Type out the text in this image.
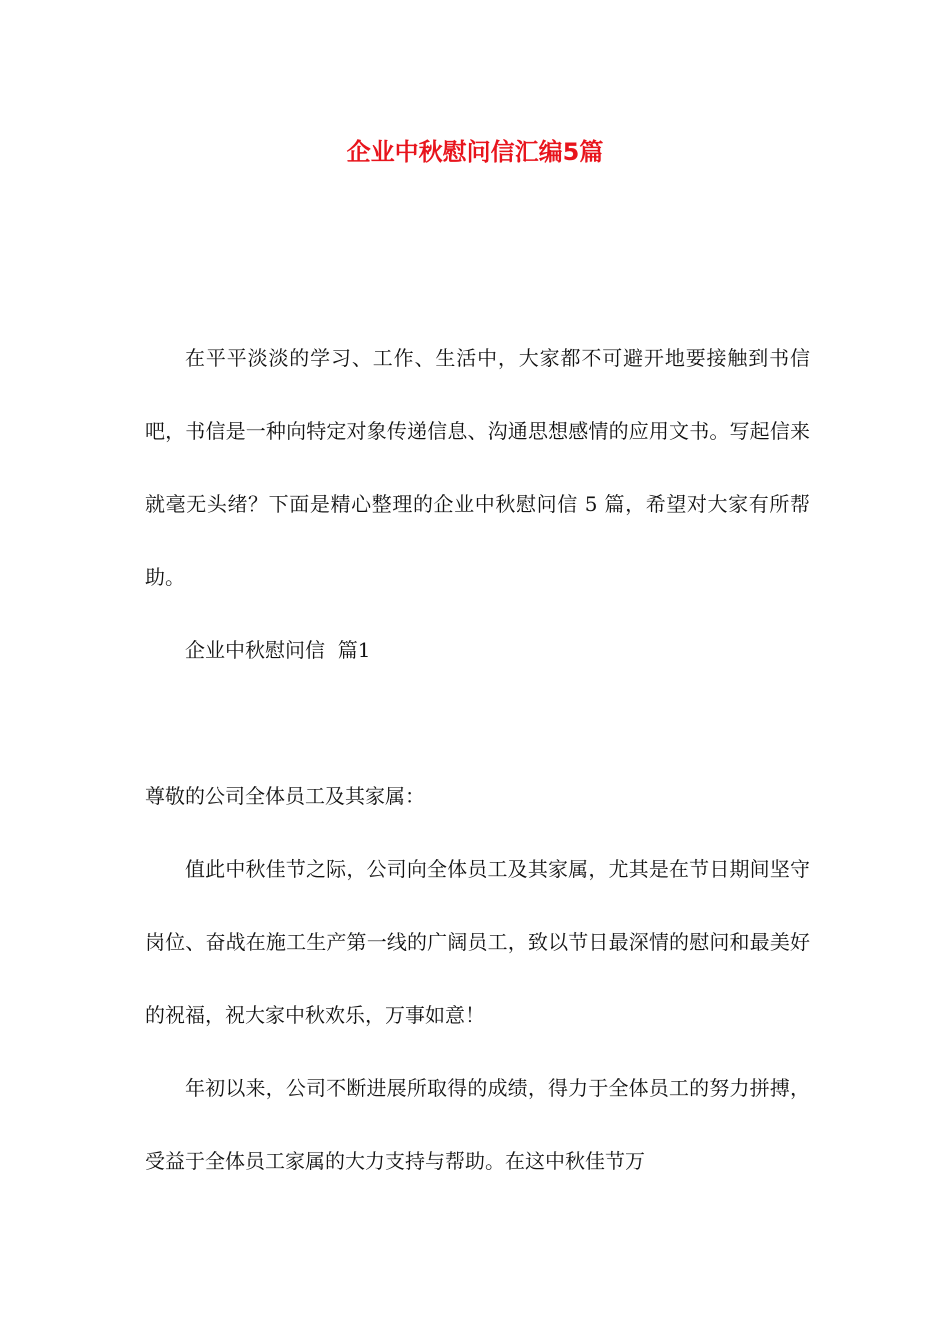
企业中秋慰问信汇编5篇

在平平淡淡的学习、工作、生活中，大家都不可避开地要接触到书信吧，书信是一种向特定对象传递信息、沟通思想感情的应用文书。写起信来就毫无头绪？下面是精心整理的企业中秋慰问信 5 篇，希望对大家有所帮助。

企业中秋慰问信  篇1

尊敬的公司全体员工及其家属：

值此中秋佳节之际，公司向全体员工及其家属，尤其是在节日期间坚守岗位、奋战在施工生产第一线的广阔员工，致以节日最深情的慰问和最美好的祝福，祝大家中秋欢乐，万事如意！

年初以来，公司不断进展所取得的成绩，得力于全体员工的努力拼搏，受益于全体员工家属的大力支持与帮助。在这中秋佳节万
